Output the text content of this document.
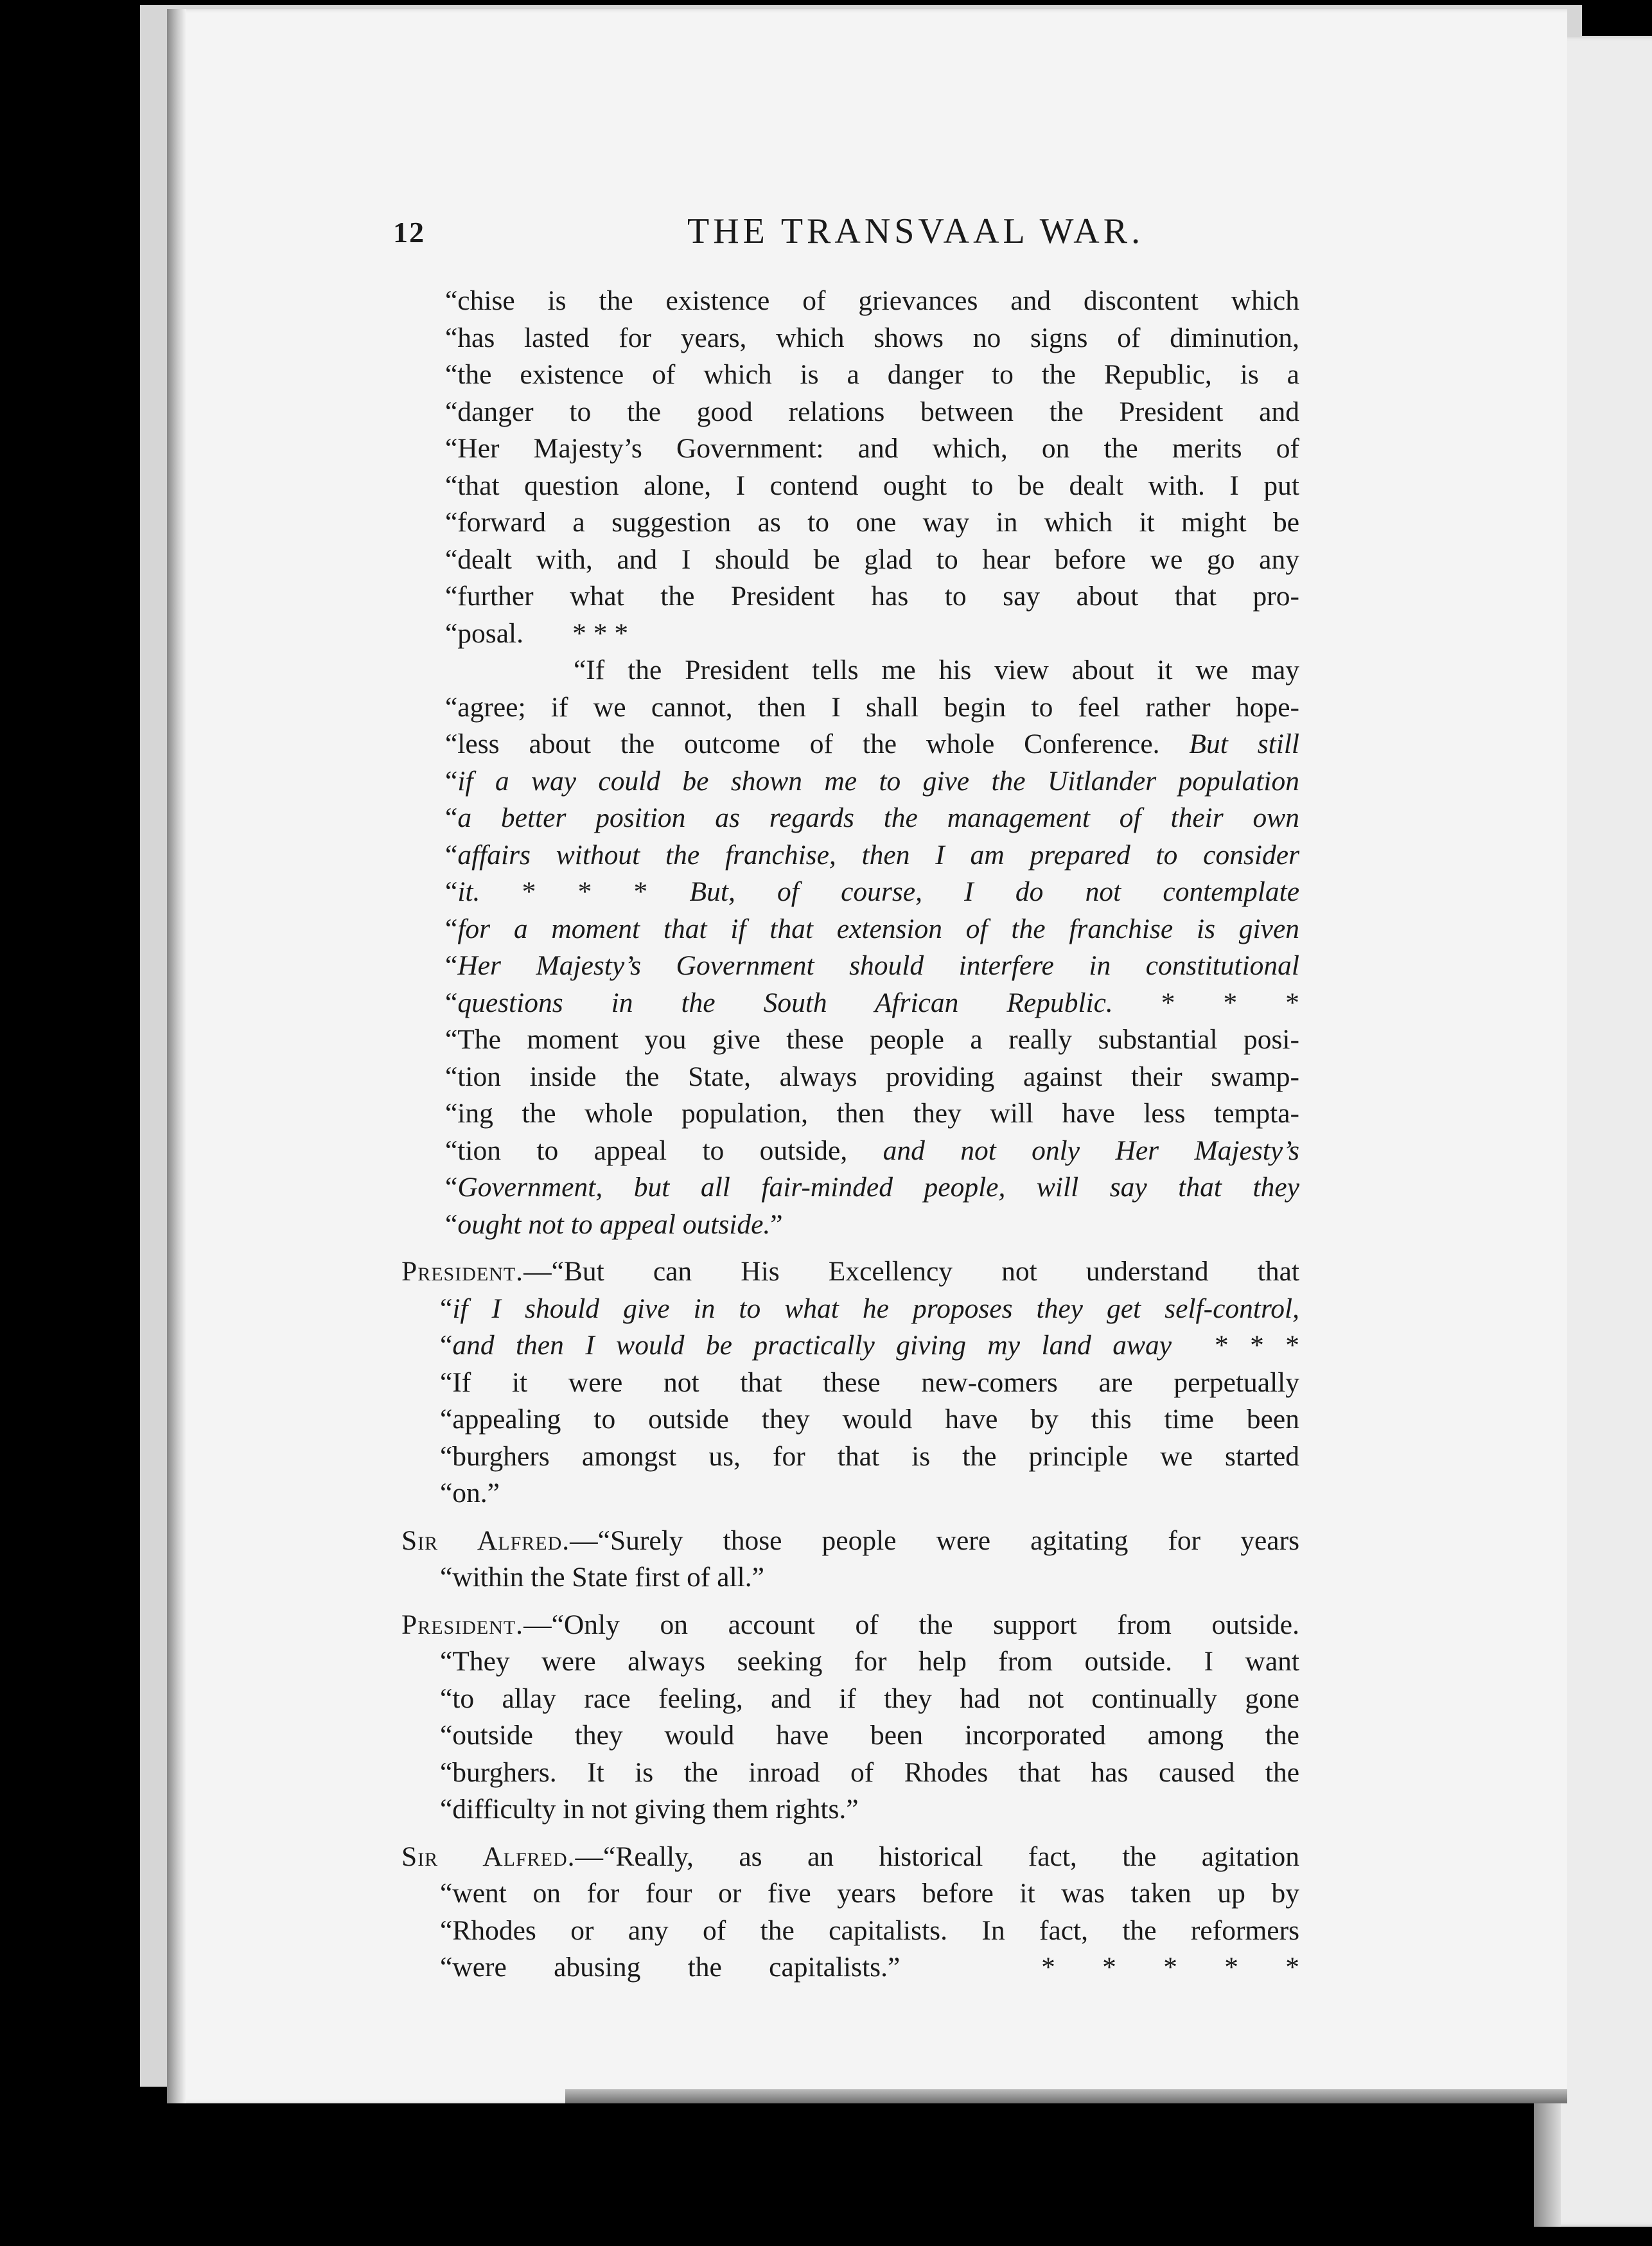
12	THE TRANSVAAL WAR.
“chise is the existence of grievances and discontent which
“has lasted for years, which shows no signs of diminution,
“the existence of which is a danger to the Republic, is a
“danger to the good relations between the President and
“Her Majesty’s Government: and which, on the merits of
“that question alone, I contend ought to be dealt with. I put
“forward a suggestion as to one way in which it might be
“dealt with, and I should be glad to hear before we go any
“further what the President has to say about that pro-
“posal. * * *
“If the President tells me his view about it we may
“agree; if we cannot, then I shall begin to feel rather hope-
“less about the outcome of the whole Conference. But still
“if a way could be shown me to give the Uitlander population
“a better position as regards the management of their own
“affairs without the franchise, then I am prepared to consider
“it. * * * But, of course, I do not contemplate
“for a moment that if that extension of the franchise is given
“Her Majesty’s Government should interfere in constitutional
“questions in the South African Republic. * * *
“The moment you give these people a really substantial posi-
“tion inside the State, always providing against their swamp-
“ing the whole population, then they will have less tempta-
“tion to appeal to outside, and not only Her Majesty’s
“Government, but all fair-minded people, will say that they
“ought not to appeal outside.”
President.—“But can His Excellency not understand that
“if I should give in to what he proposes they get self-control,
“and then I would be practically giving my land away * * *
“If it were not that these new-comers are perpetually
“appealing to outside they would have by this time been
“burghers amongst us, for that is the principle we started
“on.”
Sir Alfred.—“Surely those people were agitating for years
“within the State first of all.”
President.—“Only on account of the support from outside.
“They were always seeking for help from outside. I want
“to allay race feeling, and if they had not continually gone
“outside they would have been incorporated among the
“burghers. It is the inroad of Rhodes that has caused the
“difficulty in not giving them rights.”
Sir Alfred.—“Really, as an historical fact, the agitation
“went on for four or five years before it was taken up by
“Rhodes or any of the capitalists. In fact, the reformers
“were abusing the capitalists.”	* * * * *
